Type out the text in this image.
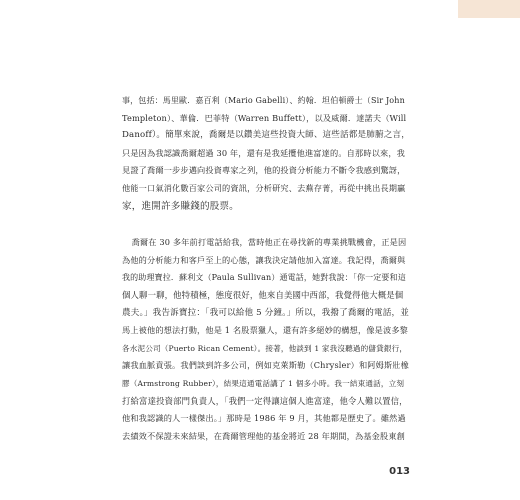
事，包括：馬里歐．嘉百利（Mario Gabelli）、約翰．坦伯頓爵士（Sir John
Templeton）、華倫．巴菲特（Warren Buffett），以及威爾．達諾夫（Will
Danoff）。簡單來說，喬爾是以鑽美這些投資大師、這些話都是肺腑之言，
只是因為我認識喬爾超過 30 年，還有是我延攬他進富達的。自那時以來，我
見證了喬爾一步步邁向投資專家之列，他的投資分析能力不斷令我感到驚訝，
他能一口氣消化數百家公司的資訊，分析研究、去蕪存菁，再從中挑出長期贏
家，進開許多賺錢的股票。

喬爾在 30 多年前打電話給我，當時他正在尋找新的專業挑戰機會，正是因
為他的分析能力和客戶至上的心態，讓我決定請他加入富達。我記得，喬爾與
我的助理寶拉．蘇利文（Paula Sullivan）通電話，她對我說：「你一定要和這
個人聊一聊，他特積極，態度很好，他來自美國中西部，我覺得他大概是個
農夫。」我告訴寶拉：「我可以給他 5 分鐘。」所以，我撥了喬爾的電話，並
馬上被他的想法打動，他是 1 名股票獵人，還有許多絕妙的構想，像是波多黎
各水泥公司（Puerto Rican Cement）。接著，他談到 1 家我沒聽過的儲貸銀行，
讓我血脈賁張。我們談到許多公司，例如克萊斯勒（Chrysler）和阿姆斯壯橡
膠（Armstrong Rubber），結果這通電話講了 1 個多小時。我一結束通話，立刻
打給富達投資部門負責人，「我們一定得讓這個人進富達，他令人難以置信，
他和我認識的人一樣傑出。」那時是 1986 年 9 月，其他都是歷史了。雖然過
去績效不保證未來結果，在喬爾管理他的基金將近 28 年期間，為基金股東創

013
